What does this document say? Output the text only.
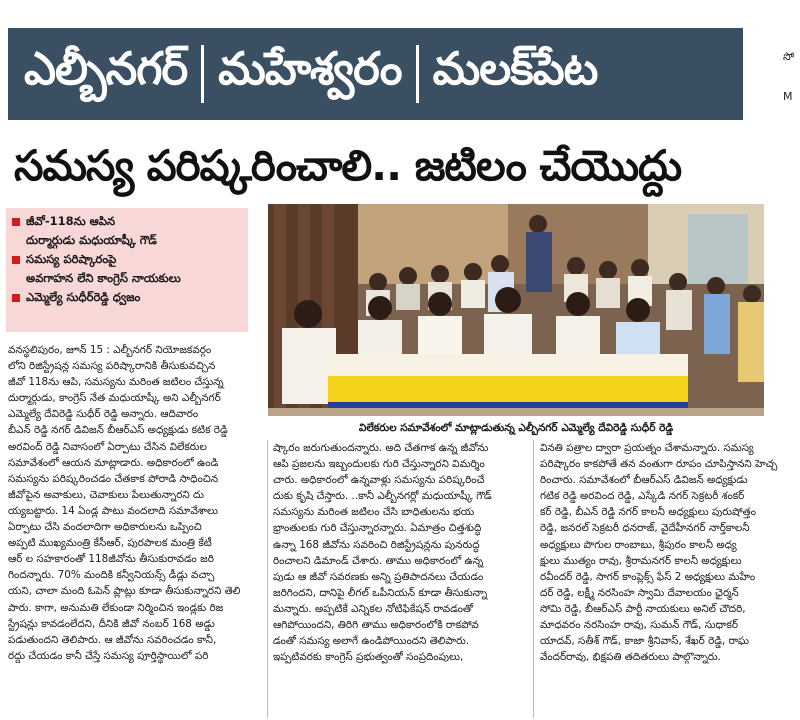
ఎల్బీనగర్ మహేశ్వరం మలక్‌పేట	సో
M
సమస్య పరిష్కరించాలి.. జటిలం చేయొద్దు
జీవో-118ను ఆపిన
దుర్మార్గుడు మధుయాష్కీ గౌడ్
సమస్య పరిష్కారంపై
అవగాహన లేని కాంగ్రెస్ నాయకులు
ఎమ్మెల్యే సుధీర్‌రెడ్డి ధ్వజం
విలేకరుల సమావేశంలో మాట్లాడుతున్న ఎల్బీనగర్ ఎమ్మెల్యే దేవిరెడ్డి సుధీర్ రెడ్డి

వనస్థలిపురం, జూన్ 15 : ఎల్బీనగర్ నియోజకవర్గం

లోని రిజిస్ట్రేషన్ల సమస్య పరిష్కారానికి తీసుకువచ్చిన

జీవో 118ను ఆపి, సమస్యను మరింత జటిలం చేస్తున్న

దుర్మార్గుడు, కాంగ్రెస్ నేత మధుయాష్కీ అని ఎల్బీనగర్

ఎమ్మెల్యే దేవిరెడ్డి సుధీర్ రెడ్డి అన్నారు. ఆదివారం

బీఎన్ రెడ్డి నగర్ డివిజన్ బీఆర్ఎస్ అధ్యక్షుడు కటిక రెడ్డి

అరవింద్ రెడ్డి నివాసంలో ఏర్పాటు చేసిన విలేకరుల

సమావేశంలో ఆయన మాట్లాడారు. అధికారంలో ఉండి

సమస్యను పరిష్కరించడం చేతకాక పోరాడి సాధించిన

జీవోపైన అవాకులు, చెవాకులు పేలుతున్నారని దు

య్యబట్టారు. 14 ఏండ్ల పాటు వందలాది సమావేశాలు

ఏర్పాటు చేసి వందలాదిగా అధికారులను ఒప్పించి

అప్పటి ముఖ్యమంత్రి కేసీఆర్, పురపాలక మంత్రి కేటీ

ఆర్ ల సహకారంతో 118జీవోను తీసుకురావడం జరి

గిందన్నారు. 70% మందికి కన్వీనియన్స్ డీడ్లు వచ్చా

యని, చాలా మంది ఓపెన్ ప్లాట్లు కూడా తీసుకున్నారని తెలి

పారు. కాగా, అనుమతి లేకుండా నిర్మించిన ఇండ్లకు రిజ

స్ట్రేషన్లు కావడంలేదని, దీనికి జీవో నంబర్ 168 అడ్డు

పడుతుందని తెలిపారు. ఆ జీవోను సవరించడం కానీ,

రద్దు చేయడం కానీ చేస్తే సమస్య పూర్తిస్థాయిలో పరి

ష్కారం జరుగుతుందన్నారు. అది చేతగాక ఉన్న జీవోను

ఆపి ప్రజలను ఇబ్బందులకు గురి చేస్తున్నారని విమర్శిం

చారు. అధికారంలో ఉన్నవాళ్లు సమస్యను పరిష్కరించే

దుకు కృషి చేస్తారు. ..కానీ ఎల్బీనగర్లో మధుయాష్కీ గౌడ్

సమస్యను మరింత జటిలం చేసి బాధితులను భయ

భ్రాంతులకు గురి చేస్తున్నారన్నారు. ఏమాత్రం చిత్తశుద్ధి

ఉన్నా 168 జీవోను సవరించి రిజిస్ట్రేషన్లను పునరుద్ధ

రించాలని డిమాండ్ చేశారు. తాము అధికారంలో ఉన్న

పుడు ఆ జీవో సవరణకు అన్ని ప్రతిపాదనలు చేయడం

జరిగిందని, దానిపై లీగల్ ఒపీనియన్ కూడా తీసుకున్నా

మన్నారు. అప్పటికే ఎన్నికల నోటిఫికేషన్ రావడంతో

ఆగిపోయిందని, తిరిగి తాము అధికారంలోకి రాకపోవ

డంతో సమస్య అలాగే ఉండిపోయిందని తెలిపారు.

ఇప్పటివరకు కాంగ్రెస్ ప్రభుత్వంతో సంప్రదింపులు,

వినతి పత్రాల ద్వారా ప్రయత్నం చేశామన్నారు. సమస్య

పరిష్కారం కాకపోతే తన వంతుగా రూపం చూపిస్తానని హెచ్చ

రించారు. సమావేశంలో బీఆర్ఎస్ డివిజన్ అధ్యక్షుడు

గటిక రెడ్డి అరవింద రెడ్డి, ఎస్కేడి నగర్ సెక్రటరీ శంకర్

కర్ రెడ్డి, బీఎన్ రెడ్డి నగర్ కాలనీ అధ్యక్షులు పురుషోత్తం

రెడ్డి, జనరల్ సెక్రటరీ ధనరాజ్, వైదేహీనగర్ నార్త్‌కాలనీ

అధ్యక్షులు పొగుల రాంబాబు, శ్రీపురం కాలనీ అధ్య

క్షులు ముత్యం రావు, శ్రీరామనగర్ కాలనీ అధ్యక్షులు

రవీందర్ రెడ్డి, సాగర్ కాంప్లెక్స్ ఫేస్ 2 అధ్యక్షులు మహేం

దర్ రెడ్డి, లక్ష్మీ నరసింహ స్వామి దేవాలయం ఛైర్మన్

సోమి రెడ్డి, బీఆర్ఎస్ పార్టీ నాయకులు అనిల్ చౌదరి,

మాధవరం నరసింహ రావు, సుమన్ గౌడ్, సుధాకర్

యాదవ్, సతీశ్ గౌడ్, కాజా శ్రీనివాస్, శేఖర్ రెడ్డి, రాఘ

వేందర్‌రావు, భిక్షపతి తదితరులు పాల్గొన్నారు.
